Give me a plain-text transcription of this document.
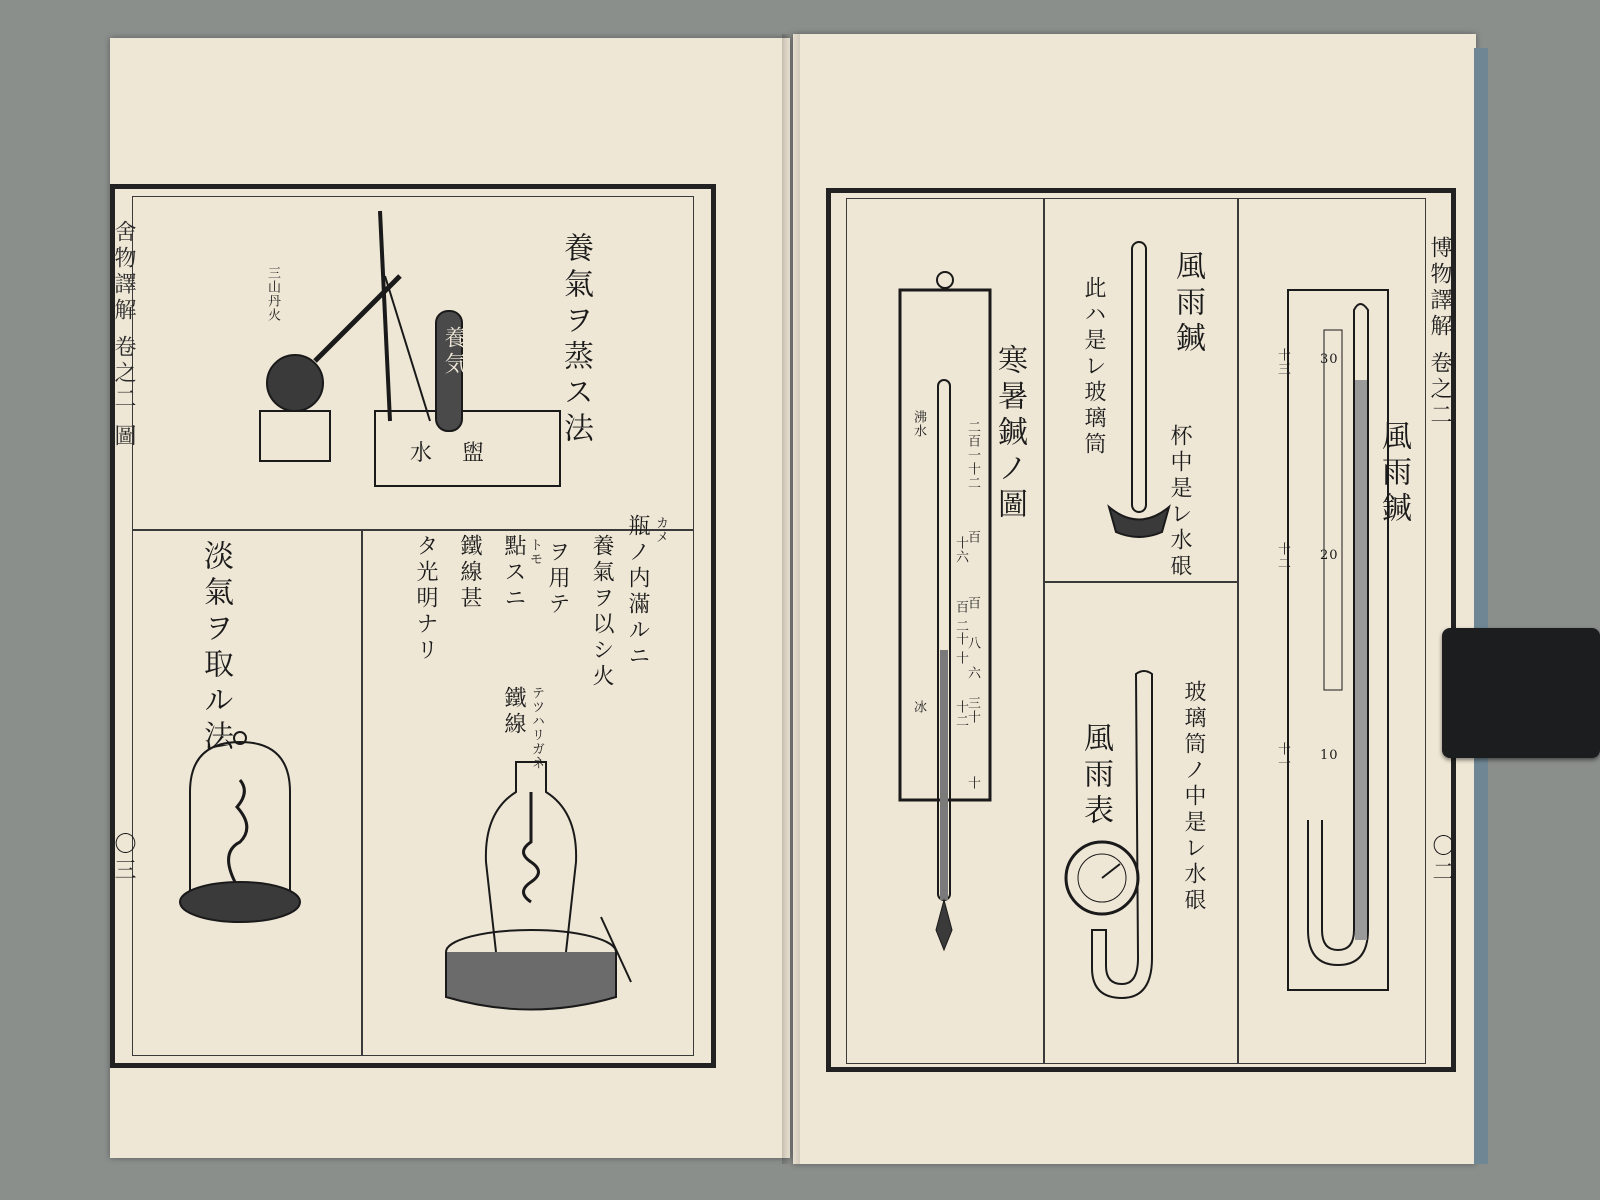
舍物譯解 卷之二 圖
〇三
養氣ヲ蒸ス法
三山丹火
養気
水盥
淡氣ヲ取ル法	瓶ノ内滿ルニ
養氣ヲ以シ火
ヲ用テ
點スニ
鐵線甚
タ光明ナリ
カメ
トモ
鐵線 テツハリガネ
博物譯解 卷之二
〇二
風雨鍼
十三
十二
十一
30
20
10
風雨鍼
此ハ是レ玻璃筒
杯中是レ水硍
寒暑鍼ノ圖
沸水
冰
二百一十二
百
十六
百
百 二
十 十
八
六
三十
十二
十	風雨表	玻璃筒ノ中是レ水硍
